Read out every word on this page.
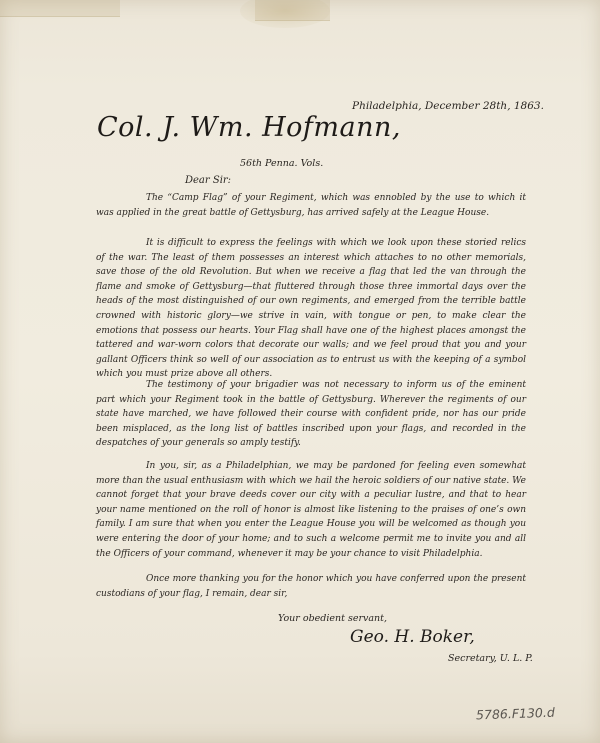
Philadelphia, December 28th, 1863.
Col. J. Wm. Hofmann,
56th Penna. Vols.
Dear Sir:

The “Camp Flag” of your Regiment, which was ennobled by the use to which it was applied in the great battle of Gettysburg, has arrived safely at the League House.

It is difficult to express the feelings with which we look upon these storied relics of the war. The least of them possesses an interest which attaches to no other memorials, save those of the old Revolution. But when we receive a flag that led the van through the flame and smoke of Gettysburg—that fluttered through those three immortal days over the heads of the most distinguished of our own regiments, and emerged from the terrible battle crowned with historic glory—we strive in vain, with tongue or pen, to make clear the emotions that possess our hearts. Your Flag shall have one of the highest places amongst the tattered and war-worn colors that decorate our walls; and we feel proud that you and your gallant Officers think so well of our association as to entrust us with the keeping of a symbol which you must prize above all others.

The testimony of your brigadier was not necessary to inform us of the eminent part which your Regiment took in the battle of Gettysburg. Wherever the regiments of our state have marched, we have followed their course with confident pride, nor has our pride been misplaced, as the long list of battles inscribed upon your flags, and recorded in the despatches of your generals so amply testify.

In you, sir, as a Philadelphian, we may be pardoned for feeling even somewhat more than the usual enthusiasm with which we hail the heroic soldiers of our native state. We cannot forget that your brave deeds cover our city with a peculiar lustre, and that to hear your name mentioned on the roll of honor is almost like listening to the praises of one’s own family. I am sure that when you enter the League House you will be welcomed as though you were entering the door of your home; and to such a welcome permit me to invite you and all the Officers of your command, whenever it may be your chance to visit Philadelphia.

Once more thanking you for the honor which you have conferred upon the present custodians of your flag, I remain, dear sir,

Your obedient servant,
Geo. H. Boker,
Secretary, U. L. P.
5786.F130.d
